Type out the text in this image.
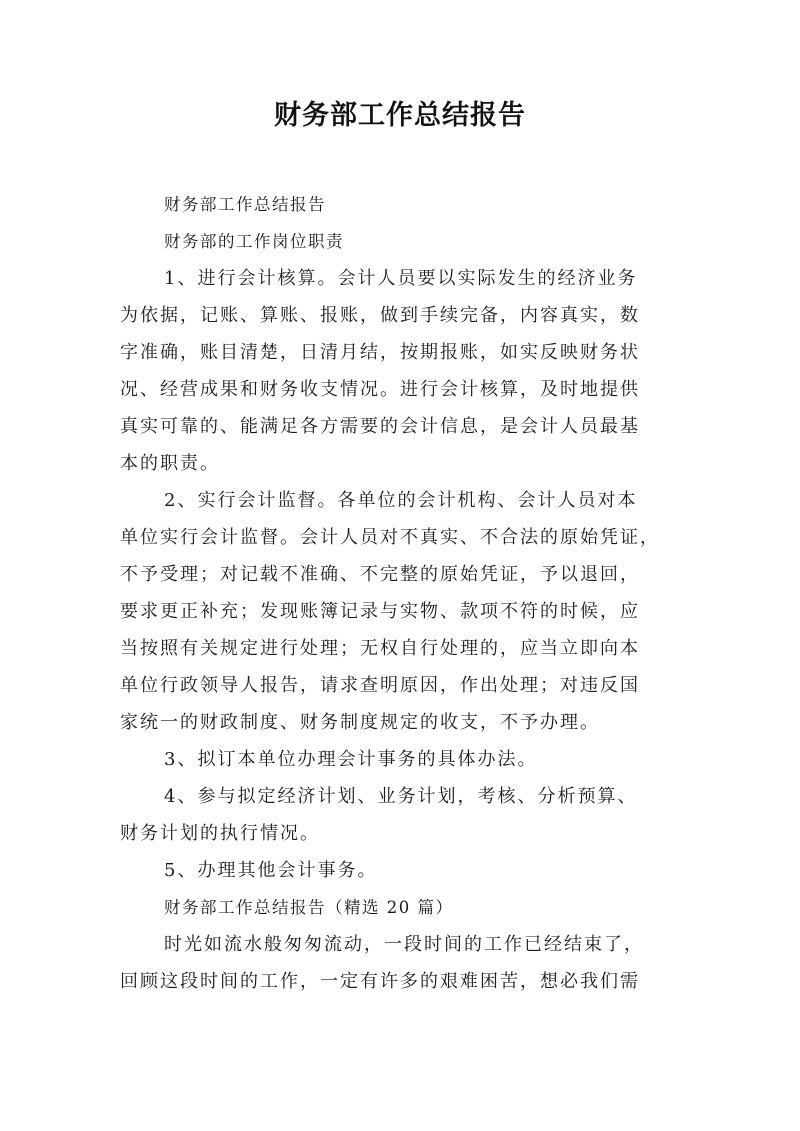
财务部工作总结报告

财务部工作总结报告

财务部的工作岗位职责

1、进行会计核算。会计人员要以实际发生的经济业务
为依据，记账、算账、报账，做到手续完备，内容真实，数
字准确，账目清楚，日清月结，按期报账，如实反映财务状
况、经营成果和财务收支情况。进行会计核算，及时地提供
真实可靠的、能满足各方需要的会计信息，是会计人员最基
本的职责。

2、实行会计监督。各单位的会计机构、会计人员对本
单位实行会计监督。会计人员对不真实、不合法的原始凭证，
不予受理；对记载不准确、不完整的原始凭证，予以退回，
要求更正补充；发现账簿记录与实物、款项不符的时候，应
当按照有关规定进行处理；无权自行处理的，应当立即向本
单位行政领导人报告，请求查明原因，作出处理；对违反国
家统一的财政制度、财务制度规定的收支，不予办理。

3、拟订本单位办理会计事务的具体办法。

4、参与拟定经济计划、业务计划，考核、分析预算、
财务计划的执行情况。

5、办理其他会计事务。

财务部工作总结报告（精选 20 篇）

时光如流水般匆匆流动，一段时间的工作已经结束了，
回顾这段时间的工作，一定有许多的艰难困苦，想必我们需
